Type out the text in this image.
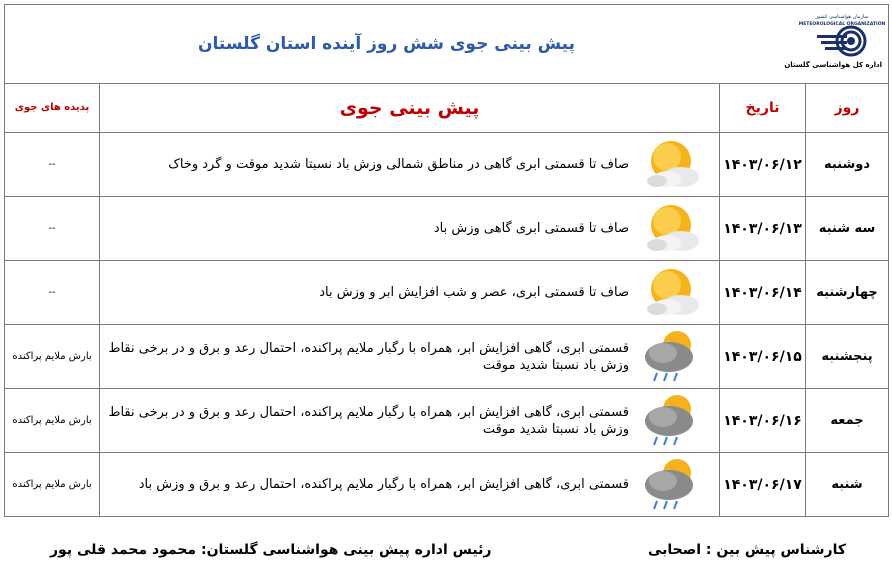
سازمان هواشناسی کشور
METEOROLOGICAL ORGANIZATION
اداره کل هواشناسی گلستان
پیش بینی جوی شش روز آینده استان گلستان			

روز	تاریخ	پیش بینی جوی	پدیده های جوی
دوشنبه	۱۴۰۳/۰۶/۱۲	صاف تا قسمتی ابری گاهی در مناطق شمالی وزش باد نسبتا شدید موقت و گرد وخاک	--
سه شنبه	۱۴۰۳/۰۶/۱۳	صاف تا قسمتی ابری گاهی وزش باد	--
چهارشنبه	۱۴۰۳/۰۶/۱۴	صاف تا قسمتی ابری، عصر و شب افزایش ابر و وزش باد	--
پنجشنبه	۱۴۰۳/۰۶/۱۵	قسمتی ابری، گاهی افزایش ابر، همراه با رگبار ملایم پراکنده، احتمال رعد و برق و در برخی نقاط وزش باد نسبتا شدید موقت	بارش ملایم پراکنده
جمعه	۱۴۰۳/۰۶/۱۶	قسمتی ابری، گاهی افزایش ابر، همراه با رگبار ملایم پراکنده، احتمال رعد و برق و در برخی نقاط وزش باد نسبتا شدید موقت	بارش ملایم پراکنده
شنبه	۱۴۰۳/۰۶/۱۷	قسمتی ابری، گاهی افزایش ابر، همراه با رگبار ملایم پراکنده، احتمال رعد و برق و وزش باد	بارش ملایم پراکنده
کارشناس پیش بین : اصحابی
رئیس اداره پیش بینی هواشناسی گلستان: محمود محمد قلی پور
